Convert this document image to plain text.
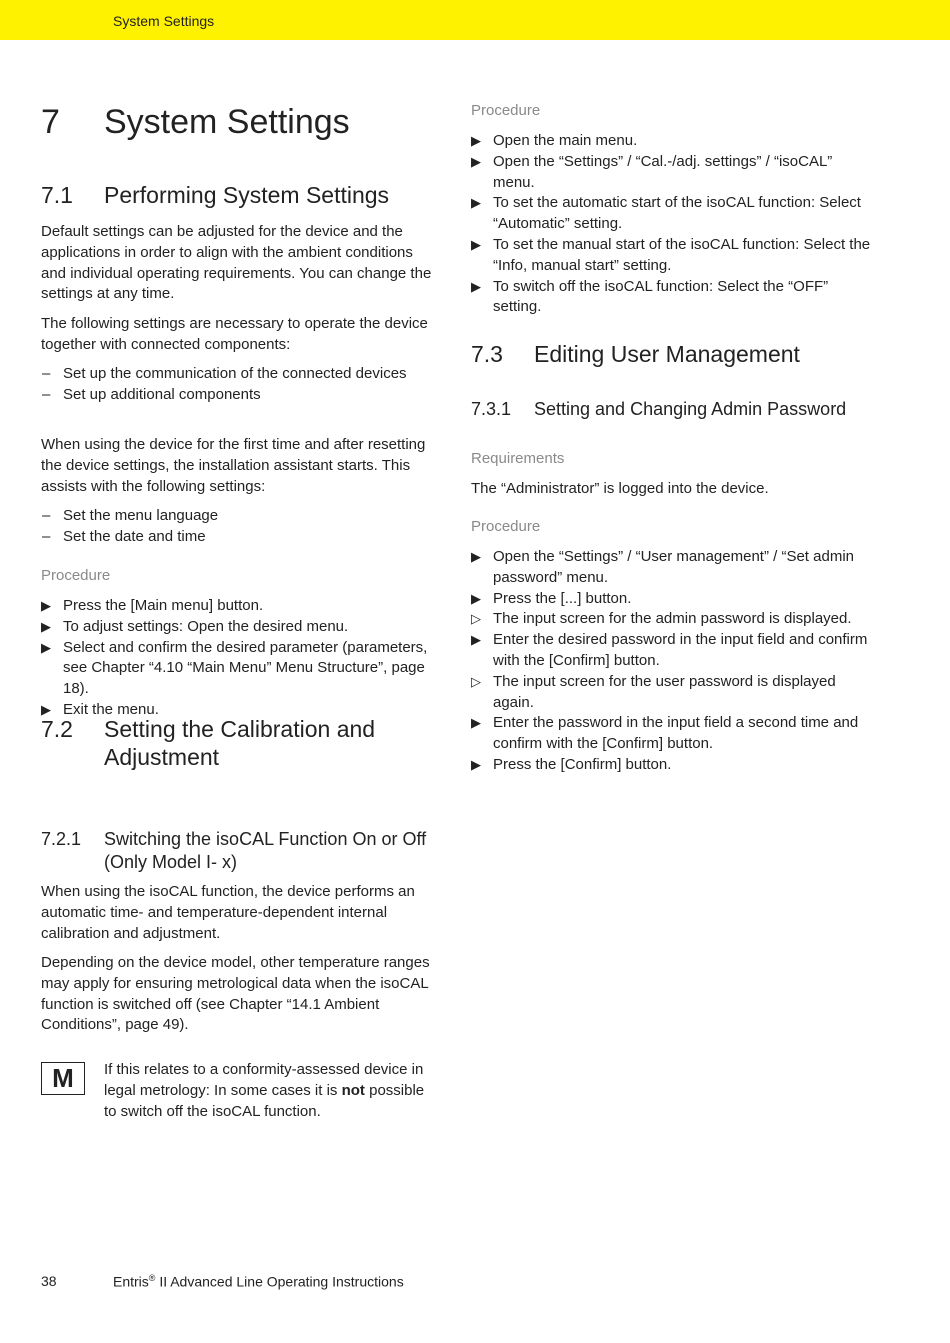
System Settings
7 System Settings
7.1 Performing System Settings

Default settings can be adjusted for the device and the applications in order to align with the ambient conditions and individual operating requirements. You can change the settings at any time.

The following settings are necessary to operate the device together with connected components:

– Set up the communication of the connected devices
– Set up additional components

When using the device for the first time and after resetting the device settings, the installation assistant starts. This assists with the following settings:

– Set the menu language
– Set the date and time
Procedure
▶ Press the [Main menu] button.
▶ To adjust settings: Open the desired menu.
▶ Select and confirm the desired parameter (parameters, see Chapter “4.10 “Main Menu” Menu Structure”, page 18).
▶ Exit the menu.
7.2 Setting the Calibration and Adjustment
7.2.1 Switching the isoCAL Function On or Off (Only Model I- x)

When using the isoCAL function, the device performs an automatic time- and temperature-dependent internal calibration and adjustment.

Depending on the device model, other temperature ranges may apply for ensuring metrological data when the isoCAL function is switched off (see Chapter “14.1 Ambient Conditions”, page 49).

M	If this relates to a conformity-assessed device in legal metrology: In some cases it is not possible to switch off the isoCAL function.
Procedure
▶ Open the main menu.
▶ Open the “Settings” / “Cal.-/adj. settings” / “isoCAL” menu.
▶ To set the automatic start of the isoCAL function: Select “Automatic” setting.
▶ To set the manual start of the isoCAL function: Select the “Info, manual start” setting.
▶ To switch off the isoCAL function: Select the “OFF” setting.
7.3 Editing User Management
7.3.1 Setting and Changing Admin Password
Requirements

The “Administrator” is logged into the device.

Procedure
▶ Open the “Settings” / “User management” / “Set admin password” menu.
▶ Press the [...] button.
▷ The input screen for the admin password is displayed.
▶ Enter the desired password in the input field and confirm with the [Confirm] button.
▷ The input screen for the user password is displayed again.
▶ Enter the password in the input field a second time and confirm with the [Confirm] button.
▶ Press the [Confirm] button.
38	Entris® II Advanced Line Operating Instructions
